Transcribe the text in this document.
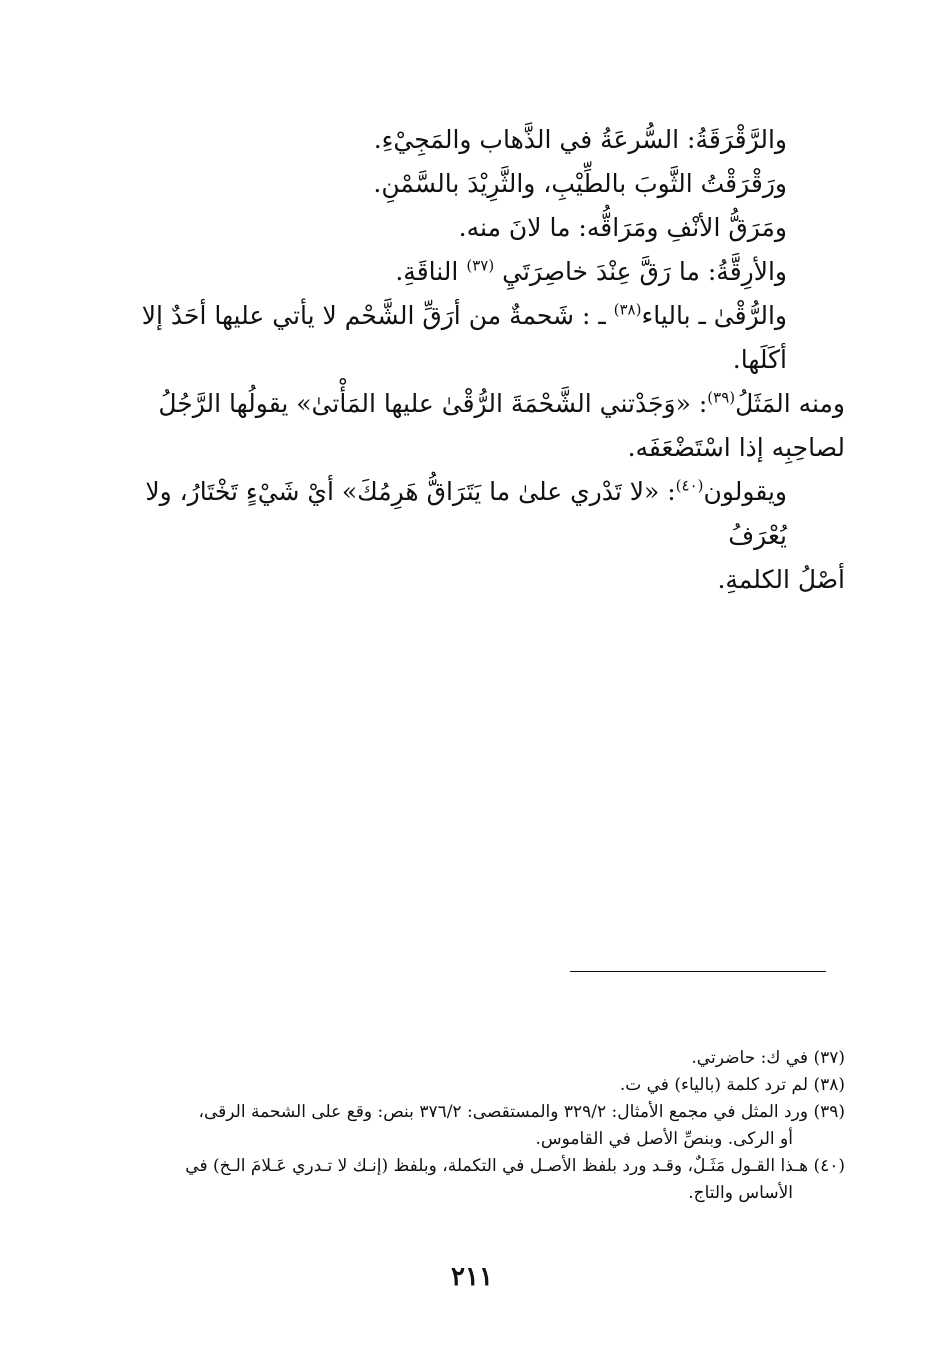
والرَّقْرَقَةُ: السُّرعَةُ في الذَّهاب والمَجِيْءِ.

ورَقْرَقْتُ الثَّوبَ بالطِّيْبِ، والثَّرِيْدَ بالسَّمْنِ.

ومَرَقُّ الأنْفِ ومَرَاقُّه: ما لانَ منه.

والأرِقَّةُ: ما رَقَّ عِنْدَ خاصِرَتَيِ $^{(٣٧)}$ الناقَةِ.

والرُّقْىٰ ـ بالياء$^{(٣٨)}$ ـ : شَحمةٌ من أرَقِّ الشَّحْم لا يأتي عليها أحَدٌ إلا أكَلَها.

ومنه المَثَلُ$^{(٣٩)}$: «وَجَدْتني الشَّحْمَةَ الرُّقْىٰ عليها المَأْتىٰ» يقولُها الرَّجُلُ لصاحِبِه إذا اسْتَضْعَفَه.

ويقولون$^{(٤٠)}$: «لا تَدْري علىٰ ما يَتَرَاقُّ هَرِمُكَ» أيْ شَيْءٍ تَخْتَارُ، ولا يُعْرَفُ

أصْلُ الكلمةِ.

(٣٧) في ك: حاضرتي.

(٣٨) لم ترد كلمة (بالياء) في ت.

(٣٩) ورد المثل في مجمع الأمثال: ٣٢٩/٢ والمستقصى: ٣٧٦/٢ بنص: وقع على الشحمة الرقى،

أو الركى. وبنصِّ الأصل في القاموس.

(٤٠) هـذا القـول مَثَـلٌ، وقـد ورد بلفظ الأصـل في التكملة، وبلفظ (إنـك لا تـدري عَـلامَ الـخ) في

الأساس والتاج.

٢١١
